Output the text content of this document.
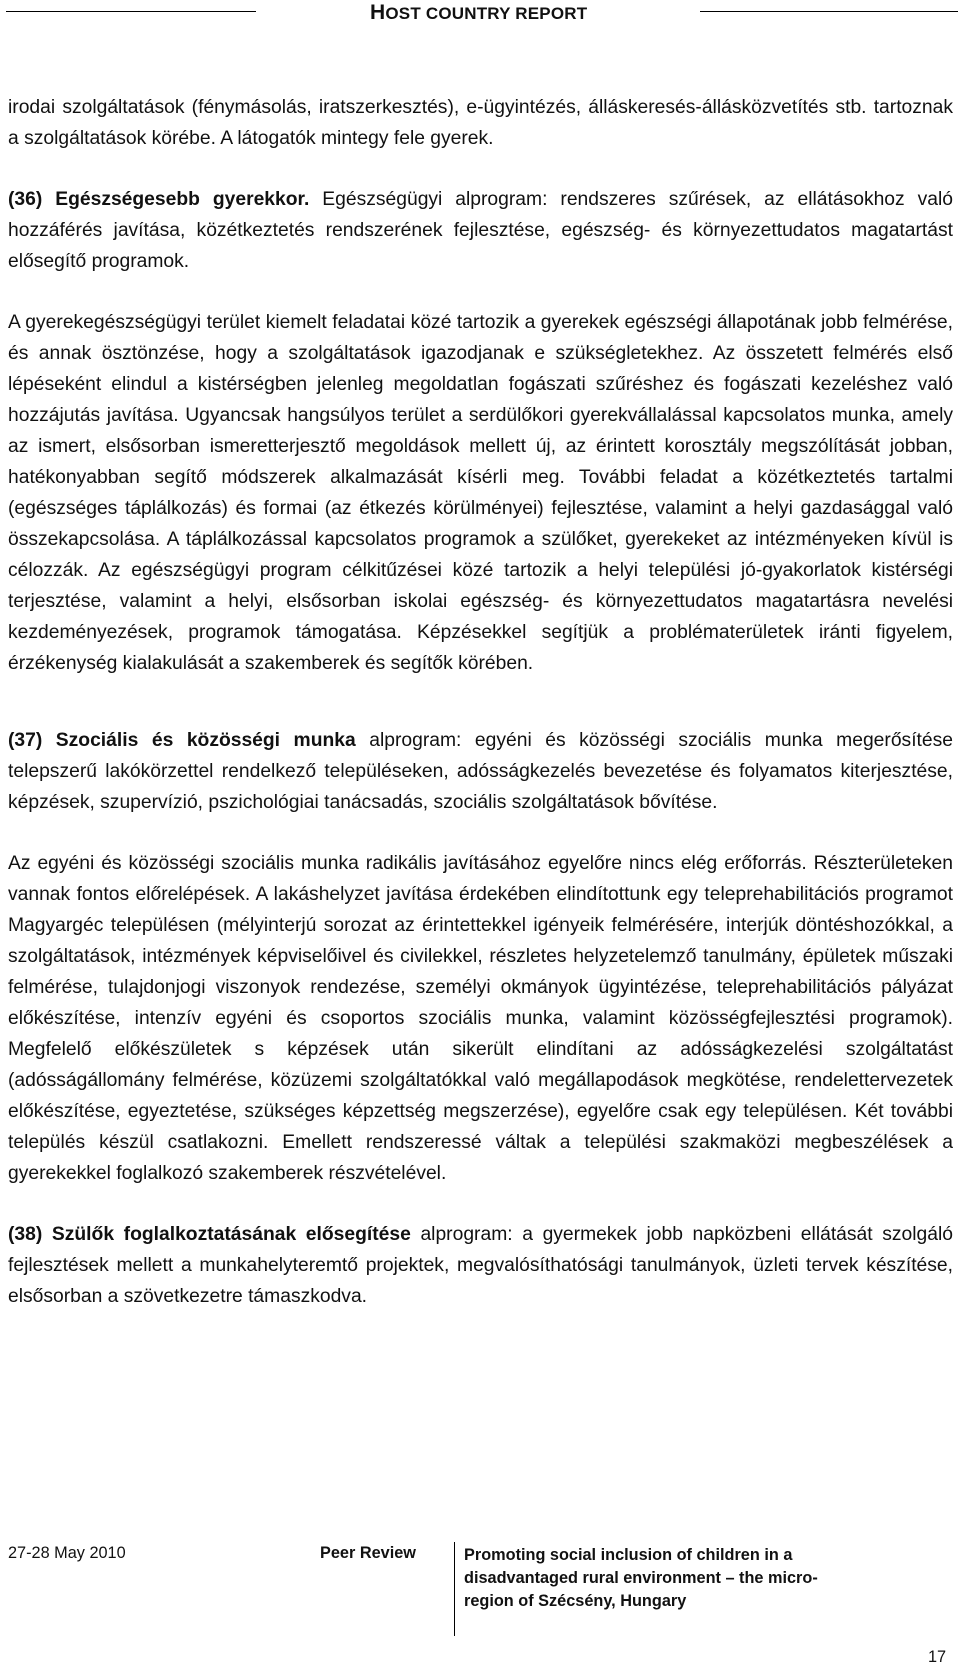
HOST COUNTRY REPORT

irodai szolgáltatások (fénymásolás, iratszerkesztés), e-ügyintézés, álláskeresés-állásközvetítés stb. tartoznak a szolgáltatások körébe. A látogatók mintegy fele gyerek.

(36) Egészségesebb gyerekkor. Egészségügyi alprogram: rendszeres szűrések, az ellátásokhoz való hozzáférés javítása, közétkeztetés rendszerének fejlesztése, egészség- és környezettudatos magatartást elősegítő programok.

A gyerekegészségügyi terület kiemelt feladatai közé tartozik a gyerekek egészségi állapotának jobb felmérése, és annak ösztönzése, hogy a szolgáltatások igazodjanak e szükségletekhez. Az összetett felmérés első lépéseként elindul a kistérségben jelenleg megoldatlan fogászati szűréshez és fogászati kezeléshez való hozzájutás javítása. Ugyancsak hangsúlyos terület a serdülőkori gyerekvállalással kapcsolatos munka, amely az ismert, elsősorban ismeretterjesztő megoldások mellett új, az érintett korosztály megszólítását jobban, hatékonyabban segítő módszerek alkalmazását kísérli meg. További feladat a közétkeztetés tartalmi (egészséges táplálkozás) és formai (az étkezés körülményei) fejlesztése, valamint a helyi gazdasággal való összekapcsolása. A táplálkozással kapcsolatos programok a szülőket, gyerekeket az intézményeken kívül is célozzák. Az egészségügyi program célkitűzései közé tartozik a helyi települési jó-gyakorlatok kistérségi terjesztése, valamint a helyi, elsősorban iskolai egészség- és környezettudatos magatartásra nevelési kezdeményezések, programok támogatása. Képzésekkel segítjük a problématerületek iránti figyelem, érzékenység kialakulását a szakemberek és segítők körében.

(37) Szociális és közösségi munka alprogram: egyéni és közösségi szociális munka megerősítése telepszerű lakókörzettel rendelkező településeken, adósságkezelés bevezetése és folyamatos kiterjesztése, képzések, szupervízió, pszichológiai tanácsadás, szociális szolgáltatások bővítése.

Az egyéni és közösségi szociális munka radikális javításához egyelőre nincs elég erőforrás. Részterületeken vannak fontos előrelépések. A lakáshelyzet javítása érdekében elindítottunk egy teleprehabilitációs programot Magyargéc településen (mélyinterjú sorozat az érintettekkel igényeik felmérésére, interjúk döntéshozókkal, a szolgáltatások, intézmények képviselőivel és civilekkel, részletes helyzetelemző tanulmány, épületek műszaki felmérése, tulajdonjogi viszonyok rendezése, személyi okmányok ügyintézése, teleprehabilitációs pályázat előkészítése, intenzív egyéni és csoportos szociális munka, valamint közösségfejlesztési programok). Megfelelő előkészületek s képzések után sikerült elindítani az adósságkezelési szolgáltatást (adósságállomány felmérése, közüzemi szolgáltatókkal való megállapodások megkötése, rendelettervezetek előkészítése, egyeztetése, szükséges képzettség megszerzése), egyelőre csak egy településen. Két további település készül csatlakozni. Emellett rendszeressé váltak a települési szakmaközi megbeszélések a gyerekekkel foglalkozó szakemberek részvételével.

(38) Szülők foglalkoztatásának elősegítése alprogram: a gyermekek jobb napközbeni ellátását szolgáló fejlesztések mellett a munkahelyteremtő projektek, megvalósíthatósági tanulmányok, üzleti tervek készítése, elsősorban a szövetkezetre támaszkodva.

27-28 May 2010	Peer Review	Promoting social inclusion of children in a disadvantaged rural environment – the micro-region of Szécsény, Hungary
17
